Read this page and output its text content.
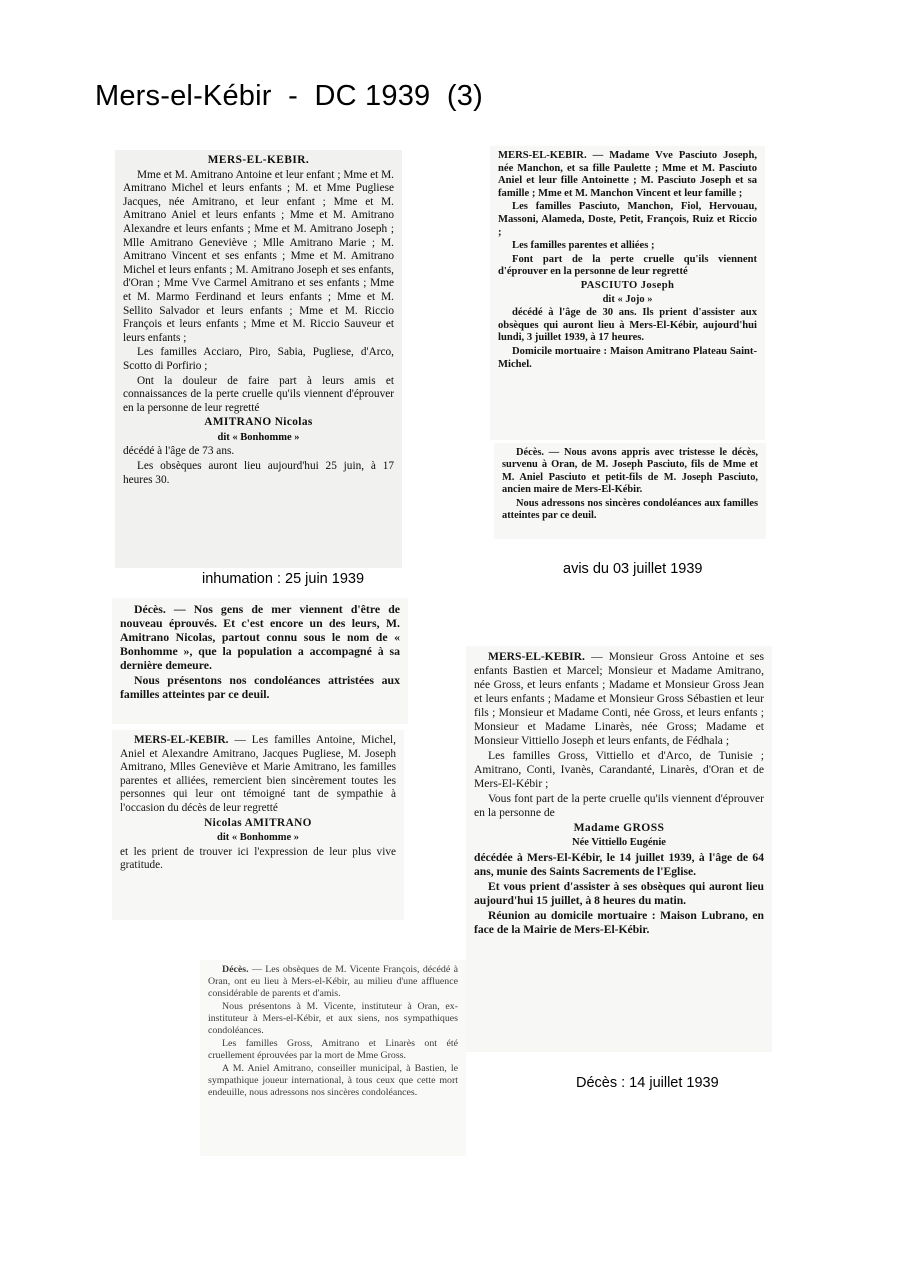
Mers-el-Kébir  -  DC 1939  (3)

MERS-EL-KEBIR.

Mme et M. Amitrano Antoine et leur enfant ; Mme et M. Amitrano Michel et leurs enfants ; M. et Mme Pugliese Jacques, née Amitrano, et leur enfant ; Mme et M. Amitrano Aniel et leurs enfants ; Mme et M. Amitrano Alexandre et leurs enfants ; Mme et M. Amitrano Joseph ; Mlle Amitrano Geneviève ; Mlle Amitrano Marie ; M. Amitrano Vincent et ses enfants ; Mme et M. Amitrano Michel et leurs enfants ; M. Amitrano Joseph et ses enfants, d'Oran ; Mme Vve Carmel Amitrano et ses enfants ; Mme et M. Marmo Ferdinand et leurs enfants ; Mme et M. Sellito Salvador et leurs enfants ; Mme et M. Riccio François et leurs enfants ; Mme et M. Riccio Sauveur et leurs enfants ;

Les familles Acciaro, Piro, Sabia, Pugliese, d'Arco, Scotto di Porfirio ;

Ont la douleur de faire part à leurs amis et connaissances de la perte cruelle qu'ils viennent d'éprouver en la personne de leur regretté

AMITRANO Nicolas

dit « Bonhomme »

décédé à l'âge de 73 ans.

Les obsèques auront lieu aujourd'hui 25 juin, à 17 heures 30.

inhumation : 25 juin 1939

MERS-EL-KEBIR. — Madame Vve Pasciuto Joseph, née Manchon, et sa fille Paulette ; Mme et M. Pasciuto Aniel et leur fille Antoinette ; M. Pasciuto Joseph et sa famille ; Mme et M. Manchon Vincent et leur famille ;

Les familles Pasciuto, Manchon, Fiol, Hervouau, Massoni, Alameda, Doste, Petit, François, Ruiz et Riccio ;

Les familles parentes et alliées ;

Font part de la perte cruelle qu'ils viennent d'éprouver en la personne de leur regretté

PASCIUTO Joseph

dit « Jojo »

décédé à l'âge de 30 ans. Ils prient d'assister aux obsèques qui auront lieu à Mers-El-Kébir, aujourd'hui lundi, 3 juillet 1939, à 17 heures.

Domicile mortuaire : Maison Amitrano Plateau Saint-Michel.

Décès. — Nous avons appris avec tristesse le décès, survenu à Oran, de M. Joseph Pasciuto, fils de Mme et M. Aniel Pasciuto et petit-fils de M. Joseph Pasciuto, ancien maire de Mers-El-Kébir.

Nous adressons nos sincères condoléances aux familles atteintes par ce deuil.

avis du 03 juillet 1939

Décès. — Nos gens de mer viennent d'être de nouveau éprouvés. Et c'est encore un des leurs, M. Amitrano Nicolas, partout connu sous le nom de « Bonhomme », que la population a accompagné à sa dernière demeure.

Nous présentons nos condoléances attristées aux familles atteintes par ce deuil.

MERS-EL-KEBIR. — Les familles Antoine, Michel, Aniel et Alexandre Amitrano, Jacques Pugliese, M. Joseph Amitrano, Mlles Geneviève et Marie Amitrano, les familles parentes et alliées, remercient bien sincèrement toutes les personnes qui leur ont témoigné tant de sympathie à l'occasion du décès de leur regretté

Nicolas AMITRANO

dit « Bonhomme »

et les prient de trouver ici l'expression de leur plus vive gratitude.

MERS-EL-KEBIR. — Monsieur Gross Antoine et ses enfants Bastien et Marcel; Monsieur et Madame Amitrano, née Gross, et leurs enfants ; Madame et Monsieur Gross Jean et leurs enfants ; Madame et Monsieur Gross Sébastien et leur fils ; Monsieur et Madame Conti, née Gross, et leurs enfants ; Monsieur et Madame Linarès, née Gross; Madame et Monsieur Vittiello Joseph et leurs enfants, de Fédhala ;

Les familles Gross, Vittiello et d'Arco, de Tunisie ; Amitrano, Conti, Ivanès, Carandanté, Linarès, d'Oran et de Mers-El-Kébir ;

Vous font part de la perte cruelle qu'ils viennent d'éprouver en la personne de

Madame GROSS

Née Vittiello Eugénie

décédée à Mers-El-Kébir, le 14 juillet 1939, à l'âge de 64 ans, munie des Saints Sacrements de l'Eglise.

Et vous prient d'assister à ses obsèques qui auront lieu aujourd'hui 15 juillet, à 8 heures du matin.

Réunion au domicile mortuaire : Maison Lubrano, en face de la Mairie de Mers-El-Kébir.

Décès. — Les obsèques de M. Vicente François, décédé à Oran, ont eu lieu à Mers-el-Kébir, au milieu d'une affluence considérable de parents et d'amis.

Nous présentons à M. Vicente, instituteur à Oran, ex-instituteur à Mers-el-Kébir, et aux siens, nos sympathiques condoléances.

Les familles Gross, Amitrano et Linarès ont été cruellement éprouvées par la mort de Mme Gross.

A M. Aniel Amitrano, conseiller municipal, à Bastien, le sympathique joueur international, à tous ceux que cette mort endeuille, nous adressons nos sincères condoléances.

Décès : 14 juillet 1939
